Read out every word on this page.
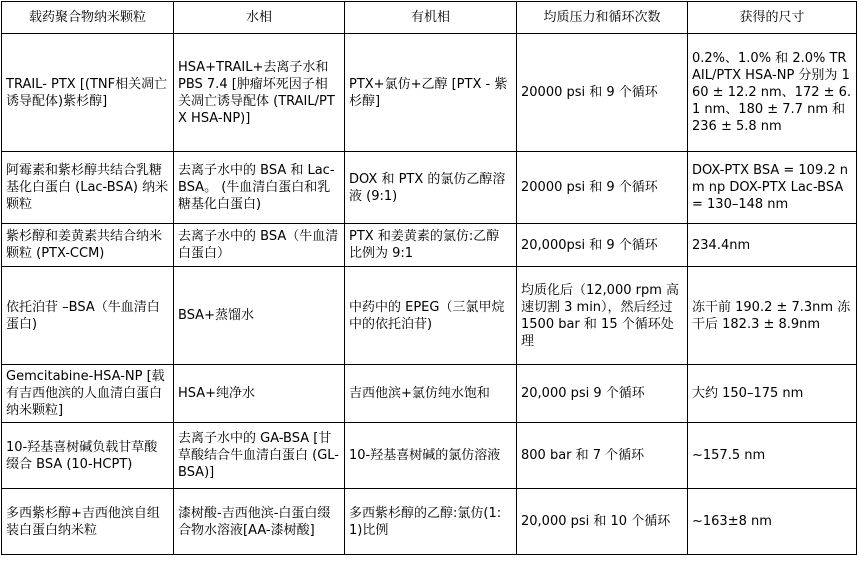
载药聚合物纳米颗粒	水相	有机相	均质压力和循环次数	获得的尺寸
TRAIL- PTX [(TNF相关凋亡诱导配体)紫杉醇]	HSA+TRAIL+去离子水和 PBS 7.4 [肿瘤坏死因子相关凋亡诱导配体 (TRAIL/PTX HSA-NP)]	PTX+氯仿+乙醇 [PTX - 紫杉醇]	20000 psi 和 9 个循环	0.2%、1.0% 和 2.0% TRAIL/PTX HSA-NP 分别为 160 ± 12.2 nm、172 ± 6.1 nm、180 ± 7.7 nm 和 236 ± 5.8 nm
阿霉素和紫杉醇共结合乳糖基化白蛋白 (Lac-BSA) 纳米颗粒	去离子水中的 BSA 和 Lac-BSA。 (牛血清白蛋白和乳糖基化白蛋白)	DOX 和 PTX 的氯仿乙醇溶液 (9:1)	20000 psi 和 9 个循环	DOX-PTX BSA = 109.2 nm np DOX-PTX Lac-BSA = 130–148 nm
紫杉醇和姜黄素共结合纳米颗粒 (PTX-CCM)	去离子水中的 BSA（牛血清白蛋白）	PTX 和姜黄素的氯仿:乙醇比例为 9:1	20,000psi 和 9 个循环	234.4nm
依托泊苷 –BSA（牛血清白蛋白)	BSA+蒸馏水	中药中的 EPEG（三氯甲烷中的依托泊苷)	均质化后（12,000 rpm 高速切割 3 min），然后经过 1500 bar 和 15 个循环处理	冻干前 190.2 ± 7.3nm 冻干后 182.3 ± 8.9nm
Gemcitabine-HSA-NP [载有吉西他滨的人血清白蛋白纳米颗粒]	HSA+纯净水	吉西他滨+氯仿纯水饱和	20,000 psi 9 个循环	大约 150–175 nm
10-羟基喜树碱负载甘草酸缀合 BSA (10-HCPT)	去离子水中的 GA-BSA [甘草酸结合牛血清白蛋白 (GL-BSA)]	10-羟基喜树碱的氯仿溶液	800 bar 和 7 个循环	~157.5 nm
多西紫杉醇+吉西他滨自组装白蛋白纳米粒	漆树酸-吉西他滨-白蛋白缀合物水溶液[AA-漆树酸]	多西紫杉醇的乙醇:氯仿(1:1)比例	20,000 psi 和 10 个循环	~163±8 nm
